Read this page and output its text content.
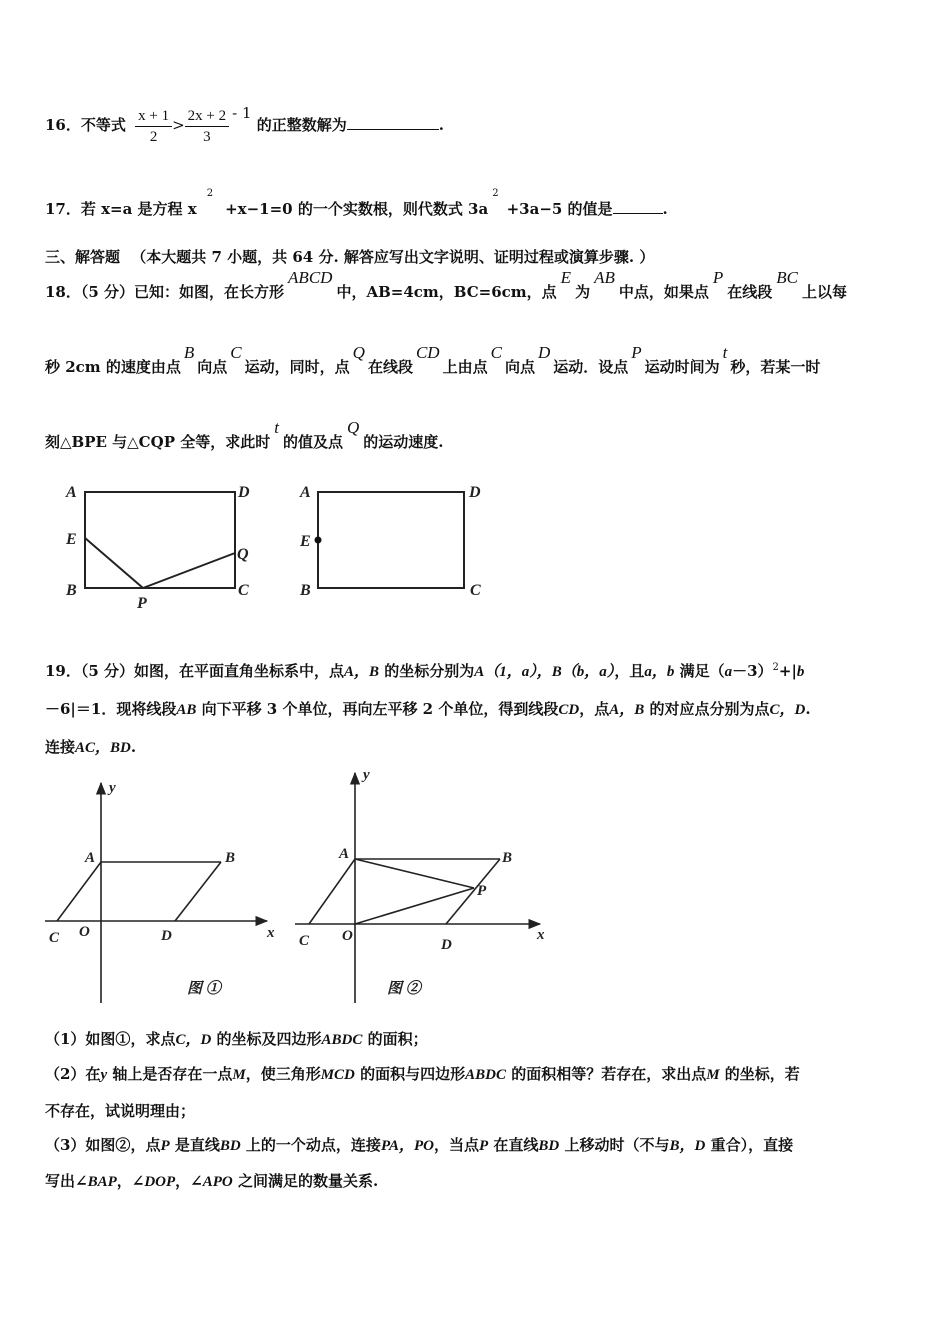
16．不等式 $\frac{x + 1}{2} > \frac{2x + 2}{3} - 1$ 的正整数解为	.
17．若 x=a 是方程 $x^2+x-1=0$ 的一个实数根，则代数式 $3a^2+3a-5$ 的值是	.
三、解答题 （本大题共 7 小题，共 64 分. 解答应写出文字说明、证明过程或演算步骤. ）
18．（5 分）已知：如图，在长方形ABCD中，AB=4cm，BC=6cm，点E为AB中点，如果点P在线段BC上以每
秒 2cm 的速度由点B向点C运动，同时，点Q在线段CD上由点C向点D运动．设点P运动时间为t秒，若某一时
刻△BPE 与△CQP 全等，求此时t的值及点Q的运动速度.
A	D
E
Q
B
P
C
A	D
E
B	C
19．（5 分）如图，在平面直角坐标系中，点A，B 的坐标分别为A（1，a），B（b，a），且a，b 满足$(a-3)^2+|b$
－6|＝1．现将线段AB 向下平移 3 个单位，再向左平移 2 个单位，得到线段CD，点A，B 的对应点分别为点C，D.
连接AC，BD.
y
x
A	B
C O	D
图 ①
y
x
A	B
P
C O
D
图 ②
（1）如图①，求点C，D 的坐标及四边形ABDC 的面积；
（2）在y 轴上是否存在一点M，使三角形MCD 的面积与四边形ABDC 的面积相等？若存在，求出点M 的坐标，若
不存在，试说明理由；
（3）如图②，点P 是直线BD 上的一个动点，连接PA，PO，当点P 在直线BD 上移动时（不与B，D 重合），直接
写出∠BAP，∠DOP，∠APO 之间满足的数量关系.
